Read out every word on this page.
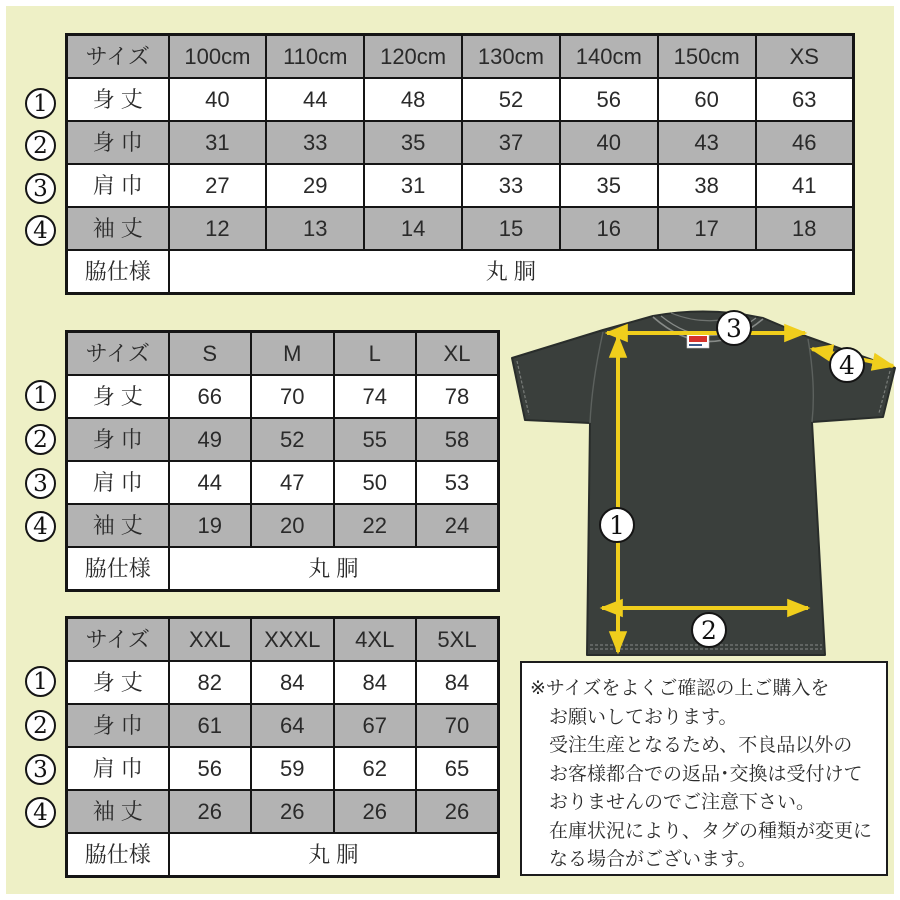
サイズ	100cm	110cm	120cm	130cm	140cm	150cm	XS
身 丈	40	44	48	52	56	60	63
身 巾	31	33	35	37	40	43	46
肩 巾	27	29	31	33	35	38	41
袖 丈	12	13	14	15	16	17	18
脇仕様	丸 胴						
サイズ	S	M	L	XL
身 丈	66	70	74	78
身 巾	49	52	55	58
肩 巾	44	47	50	53
袖 丈	19	20	22	24
脇仕様	丸 胴			
サイズ	XXL	XXXL	4XL	5XL
身 丈	82	84	84	84
身 巾	61	64	67	70
肩 巾	56	59	62	65
袖 丈	26	26	26	26
脇仕様	丸 胴			
1
2
3
4
1
2
3
4
1
2
3
4
1
2
3
4
※サイズをよくご確認の上ご購入を
お願いしております。
受注生産となるため、不良品以外の
お客様都合での返品･交換は受付けて
おりませんのでご注意下さい。
在庫状況により、タグの種類が変更に
なる場合がございます。
